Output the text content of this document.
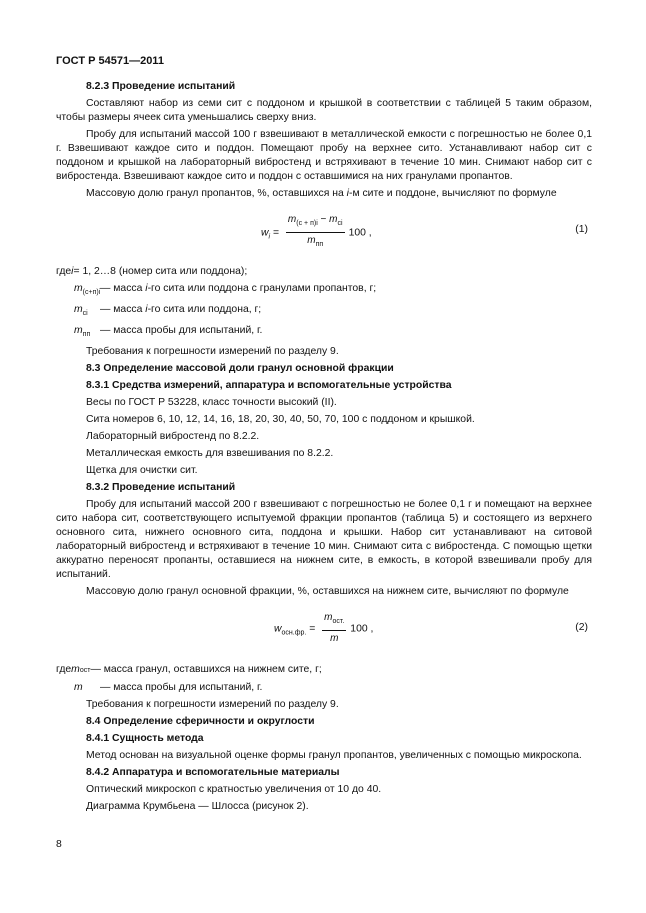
ГОСТ Р 54571—2011

8.2.3 Проведение испытаний

Составляют набор из семи сит с поддоном и крышкой в соответствии с таблицей 5 таким образом, чтобы размеры ячеек сита уменьшались сверху вниз.

Пробу для испытаний массой 100 г взвешивают в металлической емкости с погрешностью не более 0,1 г. Взвешивают каждое сито и поддон. Помещают пробу на верхнее сито. Устанавливают набор сит с поддоном и крышкой на лабораторный вибростенд и встряхивают в течение 10 мин. Снимают набор сит с вибростенда. Взвешивают каждое сито и поддон с оставшимися на них гранулами пропантов.

Массовую долю гранул пропантов, %, оставшихся на i-м сите и поддоне, вычисляют по формуле

$w_i = \frac{m_{(c + п)i} - m_{ci}}{m_{пп}} 100$ ,	(1)
где i = 1, 2…8 (номер сита или поддона);
$m_{(c+п)i}$ — масса i-го сита или поддона с гранулами пропантов, г;
$m_{ci}$	— масса i-го сита или поддона, г;
$m_{пп}$ — масса пробы для испытаний, г.

Требования к погрешности измерений по разделу 9.

8.3 Определение массовой доли гранул основной фракции

8.3.1 Средства измерений, аппаратура и вспомогательные устройства

Весы по ГОСТ Р 53228, класс точности высокий (II).

Сита номеров 6, 10, 12, 14, 16, 18, 20, 30, 40, 50, 70, 100 с поддоном и крышкой.

Лабораторный вибростенд по 8.2.2.

Металлическая емкость для взвешивания по 8.2.2.

Щетка для очистки сит.

8.3.2 Проведение испытаний

Пробу для испытаний массой 200 г взвешивают с погрешностью не более 0,1 г и помещают на верхнее сито набора сит, соответствующего испытуемой фракции пропантов (таблица 5) и состоящего из верхнего основного сита, нижнего основного сита, поддона и крышки. Набор сит устанавливают на ситовой лабораторный вибростенд и встряхивают в течение 10 мин. Снимают сита с вибростенда. С помощью щетки аккуратно переносят пропанты, оставшиеся на нижнем сите, в емкость, в которой взвешивали пробу для испытаний.

Массовую долю гранул основной фракции, %, оставшихся на нижнем сите, вычисляют по формуле

$w_{осн.фр.} = \frac{m_{ост.}}{m} 100$ ,	(2)
где m ост — масса гранул, оставшихся на нижнем сите, г;
m	— масса пробы для испытаний, г.

Требования к погрешности измерений по разделу 9.

8.4 Определение сферичности и округлости

8.4.1 Сущность метода

Метод основан на визуальной оценке формы гранул пропантов, увеличенных с помощью микроскопа.

8.4.2 Аппаратура и вспомогательные материалы

Оптический микроскоп с кратностью увеличения от 10 до 40.

Диаграмма Крумбьена — Шлосса (рисунок 2).

8
